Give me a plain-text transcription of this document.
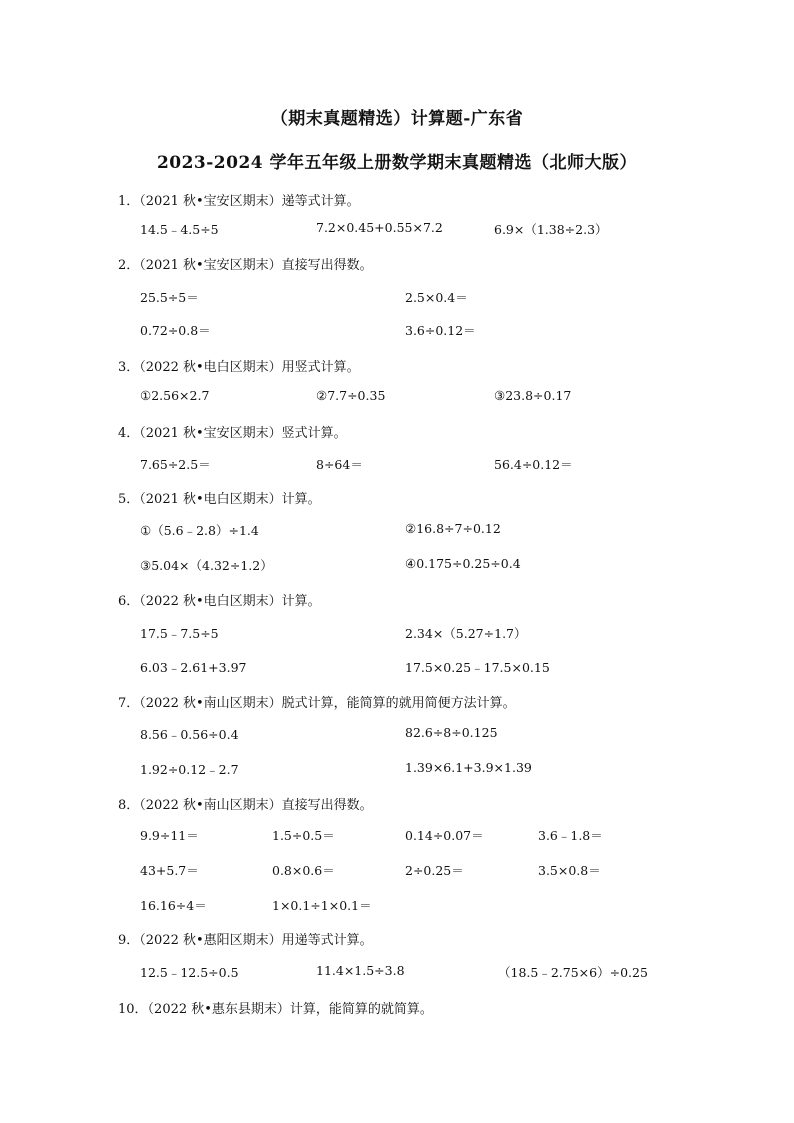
（期末真题精选）计算题-广东省
2023-2024 学年五年级上册数学期末真题精选（北师大版）
1．（2021 秋•宝安区期末）递等式计算。
14.5﹣4.5÷5	7.2×0.45+0.55×7.2	6.9×（1.38÷2.3）
2．（2021 秋•宝安区期末）直接写出得数。
25.5÷5＝	2.5×0.4＝
0.72÷0.8＝	3.6÷0.12＝
3．（2022 秋•电白区期末）用竖式计算。
①2.56×2.7	②7.7÷0.35	③23.8÷0.17
4．（2021 秋•宝安区期末）竖式计算。
7.65÷2.5＝	8÷64＝	56.4÷0.12＝
5．（2021 秋•电白区期末）计算。
①（5.6﹣2.8）÷1.4	②16.8÷7÷0.12
③5.04×（4.32÷1.2）	④0.175÷0.25÷0.4
6．（2022 秋•电白区期末）计算。
17.5﹣7.5÷5	2.34×（5.27÷1.7）
6.03﹣2.61+3.97	17.5×0.25﹣17.5×0.15
7．（2022 秋•南山区期末）脱式计算，能简算的就用简便方法计算。
8.56﹣0.56÷0.4	82.6÷8÷0.125
1.92÷0.12﹣2.7	1.39×6.1+3.9×1.39
8．（2022 秋•南山区期末）直接写出得数。
9.9÷11＝	1.5÷0.5＝	0.14÷0.07＝	3.6﹣1.8＝
43+5.7＝	0.8×0.6＝	2÷0.25＝	3.5×0.8＝
16.16÷4＝	1×0.1÷1×0.1＝
9．（2022 秋•惠阳区期末）用递等式计算。
12.5﹣12.5÷0.5	11.4×1.5÷3.8	（18.5﹣2.75×6）÷0.25
10．（2022 秋•惠东县期末）计算，能简算的就简算。
